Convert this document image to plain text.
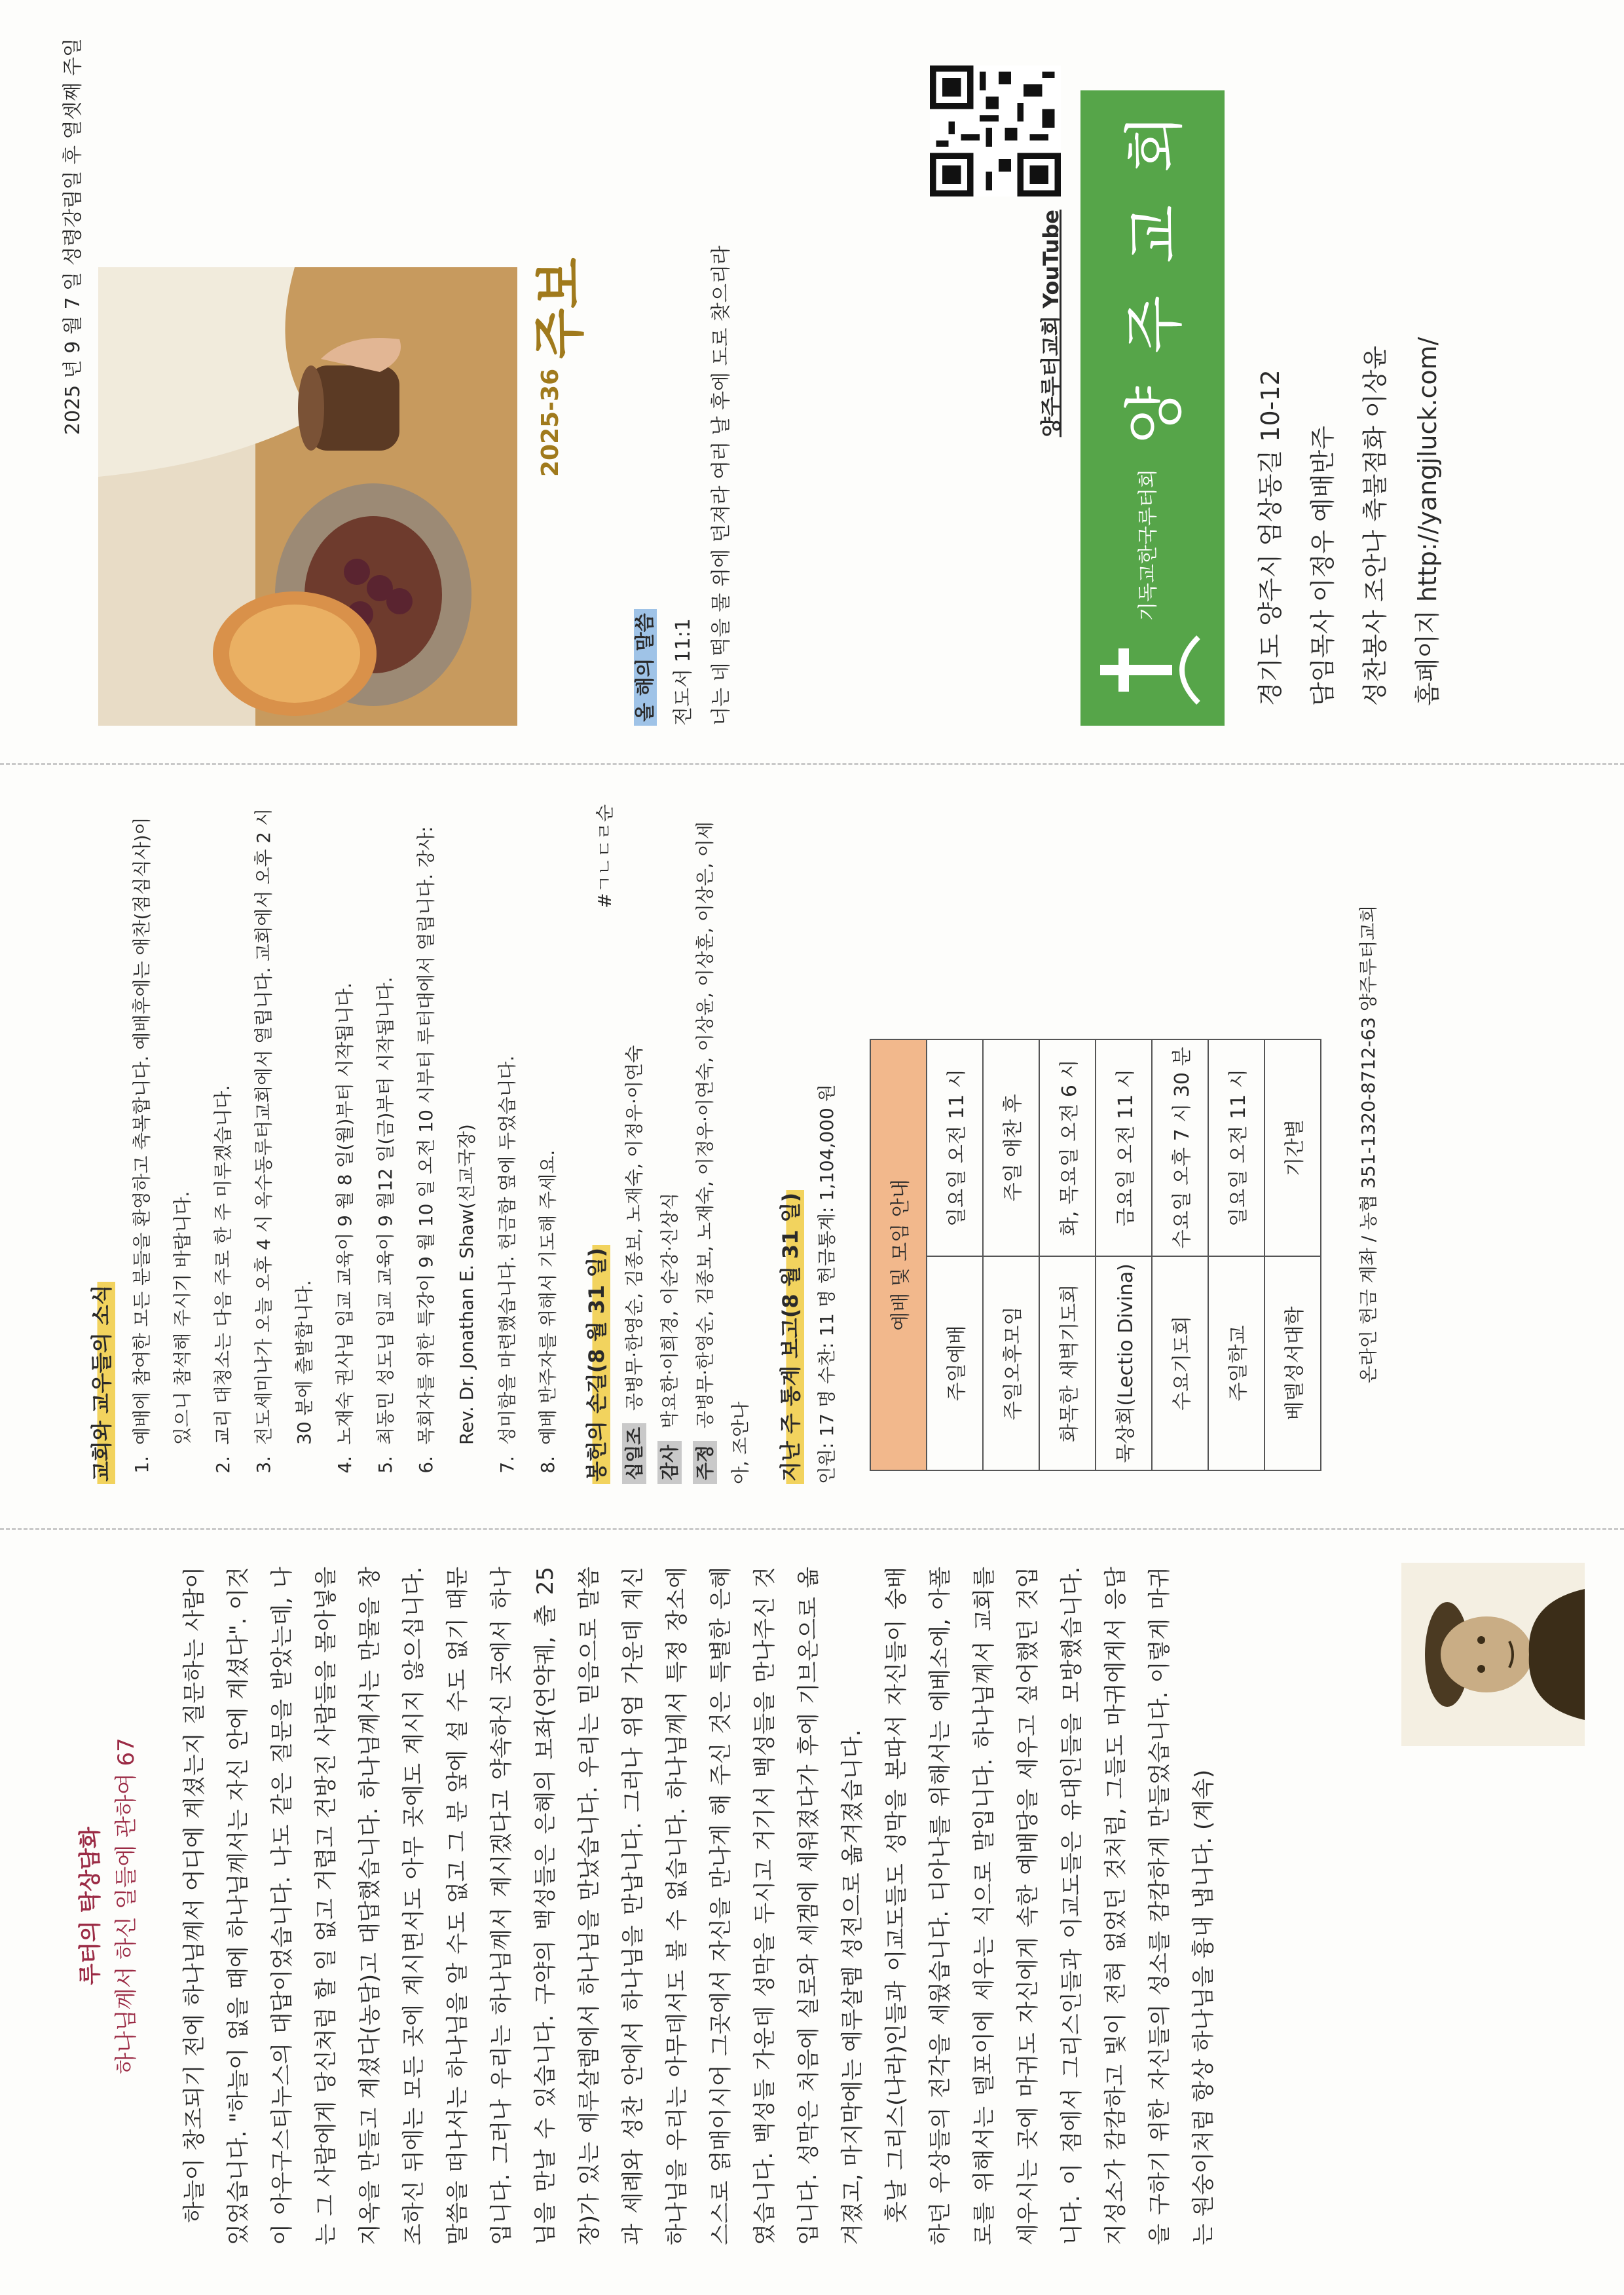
루터의 탁상담화 하나님께서 하신 일들에 관하여 67	하늘이 창조되기 전에 하나님께서 어디에 계셨는지 질문하는 사람이 있었습니다. "하늘이 없을 때에 하나님께서는 자신 안에 계셨다". 이것이 아우구스티누스의 대답이었습니다. 나도 같은 질문을 받았는데, 나는 그 사람에게 당신처럼 할 일 없고 거렵고 건방진 사람들을 몰아넣을 지옥을 만들고 계셨다(농담)고 대답했습니다. 하나님께서는 만물을 창조하신 뒤에는 모든 곳에 계시면서도 아무 곳에도 계시지 않으십니다. 말씀을 떠나서는 하나님을 알 수도 없고 그 분 앞에 설 수도 없기 때문입니다. 그러나 우리는 하나님께서 계시겠다고 약속하신 곳에서 하나님을 만날 수 있습니다. 구약의 백성들은 은혜의 보좌(언약궤, 출 25 장)가 있는 예루살렘에서 하나님을 만났습니다. 우리는 믿음으로 말씀과 세례와 성찬 안에서 하나님을 만납니다. 그러나 위엄 가운데 계신 하나님을 우리는 아무데서도 볼 수 없습니다. 하나님께서 특정 장소에 스스로 얽매이시어 그곳에서 자신을 만나게 해 주신 것은 특별한 은혜였습니다. 백성들 가운데 성막을 두시고 거기서 백성들을 만나주신 것입니다. 성막은 처음에 실로와 세겜에 세워졌다가 후에 기브온으로 옮겨졌고, 마지막에는 예루살렘 성전으로 옮겨졌습니다. 훗날 그리스(나라)인들과 이교도들도 성막을 본따서 자신들이 숭배하던 우상들의 전각을 세웠습니다. 디아나를 위해서는 에베소에, 아폴로를 위해서는 델포이에 세우는 식으로 말입니다. 하나님께서 교회를 세우시는 곳에 마귀도 자신에게 속한 예배당을 세우고 싶어했던 것입니다. 이 점에서 그리스인들과 이교도들은 유대인들을 모방했습니다. 지성소가 캄캄하고 빛이 전혀 없었던 것처럼, 그들도 마귀에게서 응답을 구하기 위한 자신들의 성소를 캄캄하게 만들었습니다. 이렇게 마귀는 원숭이처럼 항상 하나님을 흉내 냅니다. (계속)

교회와 교우들의 소식 1. 예배에 참여한 모든 분들을 환영하고 축복합니다. 예배후에는 애찬(점심식사)이 있으니 참석해 주시기 바랍니다.	2. 교리 대청소는 다음 주로 한 주 미루겠습니다.	3. 전도세미나가 오늘 오후 4 시 옥수동루터교회에서 열립니다. 교회에서 오후 2 시 30 분에 출발합니다.	4. 노재숙 권사님 입교 교육이 9 월 8 일(월)부터 시작됩니다.	5. 최동민 성도님 입교 교육이 9 월12 일(금)부터 시작됩니다.	6. 목회자를 위한 특강이 9 월 10 일 오전 10 시부터 루터대에서 열립니다. 강사: Rev. Dr. Jonathan E. Shaw(선교국장)	7. 성미함을 마련했습니다. 헌금함 옆에 두었습니다.	8. 예배 반주자를 위해서 기도해 주세요.	봉헌의 손길(8 월 31 일)
#ㄱㄴㄷㄹ순
십일조 공병무·한영순, 김종보, 노재숙, 이정우·이연숙
감사 박요한·이희경, 이순강·신상식
주정 공병무·한영순, 김종보, 노재숙, 이정우·이연숙, 이상윤, 이상훈, 이상은, 이세아, 조안나	지난 주 통계 보고(8 월 31 일) 인원: 17 명 수찬: 11 명 헌금통계: 1,104,000 원	예배 및 모임 안내	
주일예배	일요일 오전 11 시
주일오후모임	주일 애찬 후
화목한 새벽기도회	화, 목요일 오전 6 시
묵상회(Lectio Divina)	금요일 오전 11 시
수요기도회	수요일 오후 7 시 30 분
주일학교	일요일 오전 11 시
베델성서대학	기간별	온라인 헌금 계좌 / 농협 351-1320-8712-63 양주루터교회
2025 년 9 월 7 일 성령강림일 후 열셋째 주일	2025-36
주보
올 해의 말씀 전도서 11:1 너는 네 떡을 물 위에 던져라 여러 날 후에 도로 찾으리라	양주루터교회 YouTube
기독교한국루터회
양 주 교 회
경기도 양주시 엄상동길 10-12 담임목사 이정우 예배반주 성찬봉사 조안나 축불점화 이상윤 홈페이지 http://yangjluck.com/
